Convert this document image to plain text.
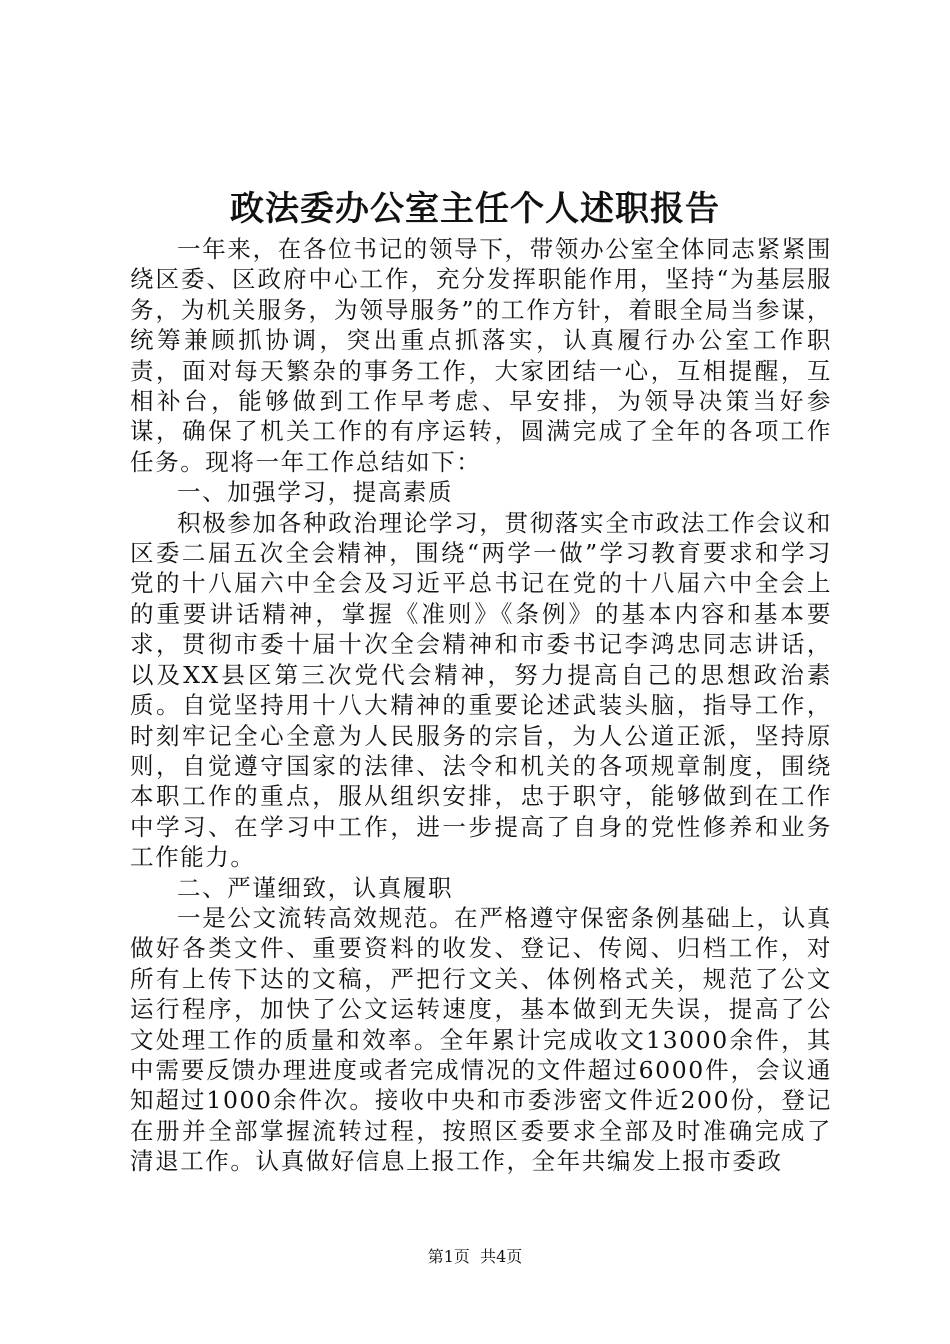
政法委办公室主任个人述职报告

一年来，在各位书记的领导下，带领办公室全体同志紧紧围绕区委、区政府中心工作，充分发挥职能作用，坚持“为基层服务，为机关服务，为领导服务”的工作方针，着眼全局当参谋，统筹兼顾抓协调，突出重点抓落实，认真履行办公室工作职责，面对每天繁杂的事务工作，大家团结一心，互相提醒，互相补台，能够做到工作早考虑、早安排，为领导决策当好参谋，确保了机关工作的有序运转，圆满完成了全年的各项工作任务。现将一年工作总结如下：

一、加强学习，提高素质

积极参加各种政治理论学习，贯彻落实全市政法工作会议和区委二届五次全会精神，围绕“两学一做”学习教育要求和学习党的十八届六中全会及习近平总书记在党的十八届六中全会上的重要讲话精神，掌握《准则》《条例》的基本内容和基本要求，贯彻市委十届十次全会精神和市委书记李鸿忠同志讲话，以及XX县区第三次党代会精神，努力提高自己的思想政治素质。自觉坚持用十八大精神的重要论述武装头脑，指导工作，时刻牢记全心全意为人民服务的宗旨，为人公道正派，坚持原则，自觉遵守国家的法律、法令和机关的各项规章制度，围绕本职工作的重点，服从组织安排，忠于职守，能够做到在工作中学习、在学习中工作，进一步提高了自身的党性修养和业务工作能力。

二、严谨细致，认真履职

一是公文流转高效规范。在严格遵守保密条例基础上，认真做好各类文件、重要资料的收发、登记、传阅、归档工作，对所有上传下达的文稿，严把行文关、体例格式关，规范了公文运行程序，加快了公文运转速度，基本做到无失误，提高了公文处理工作的质量和效率。全年累计完成收文13000余件，其中需要反馈办理进度或者完成情况的文件超过6000件，会议通知超过1000余件次。接收中央和市委涉密文件近200份，登记在册并全部掌握流转过程，按照区委要求全部及时准确完成了清退工作。认真做好信息上报工作，全年共编发上报市委政

第1页  共4页
